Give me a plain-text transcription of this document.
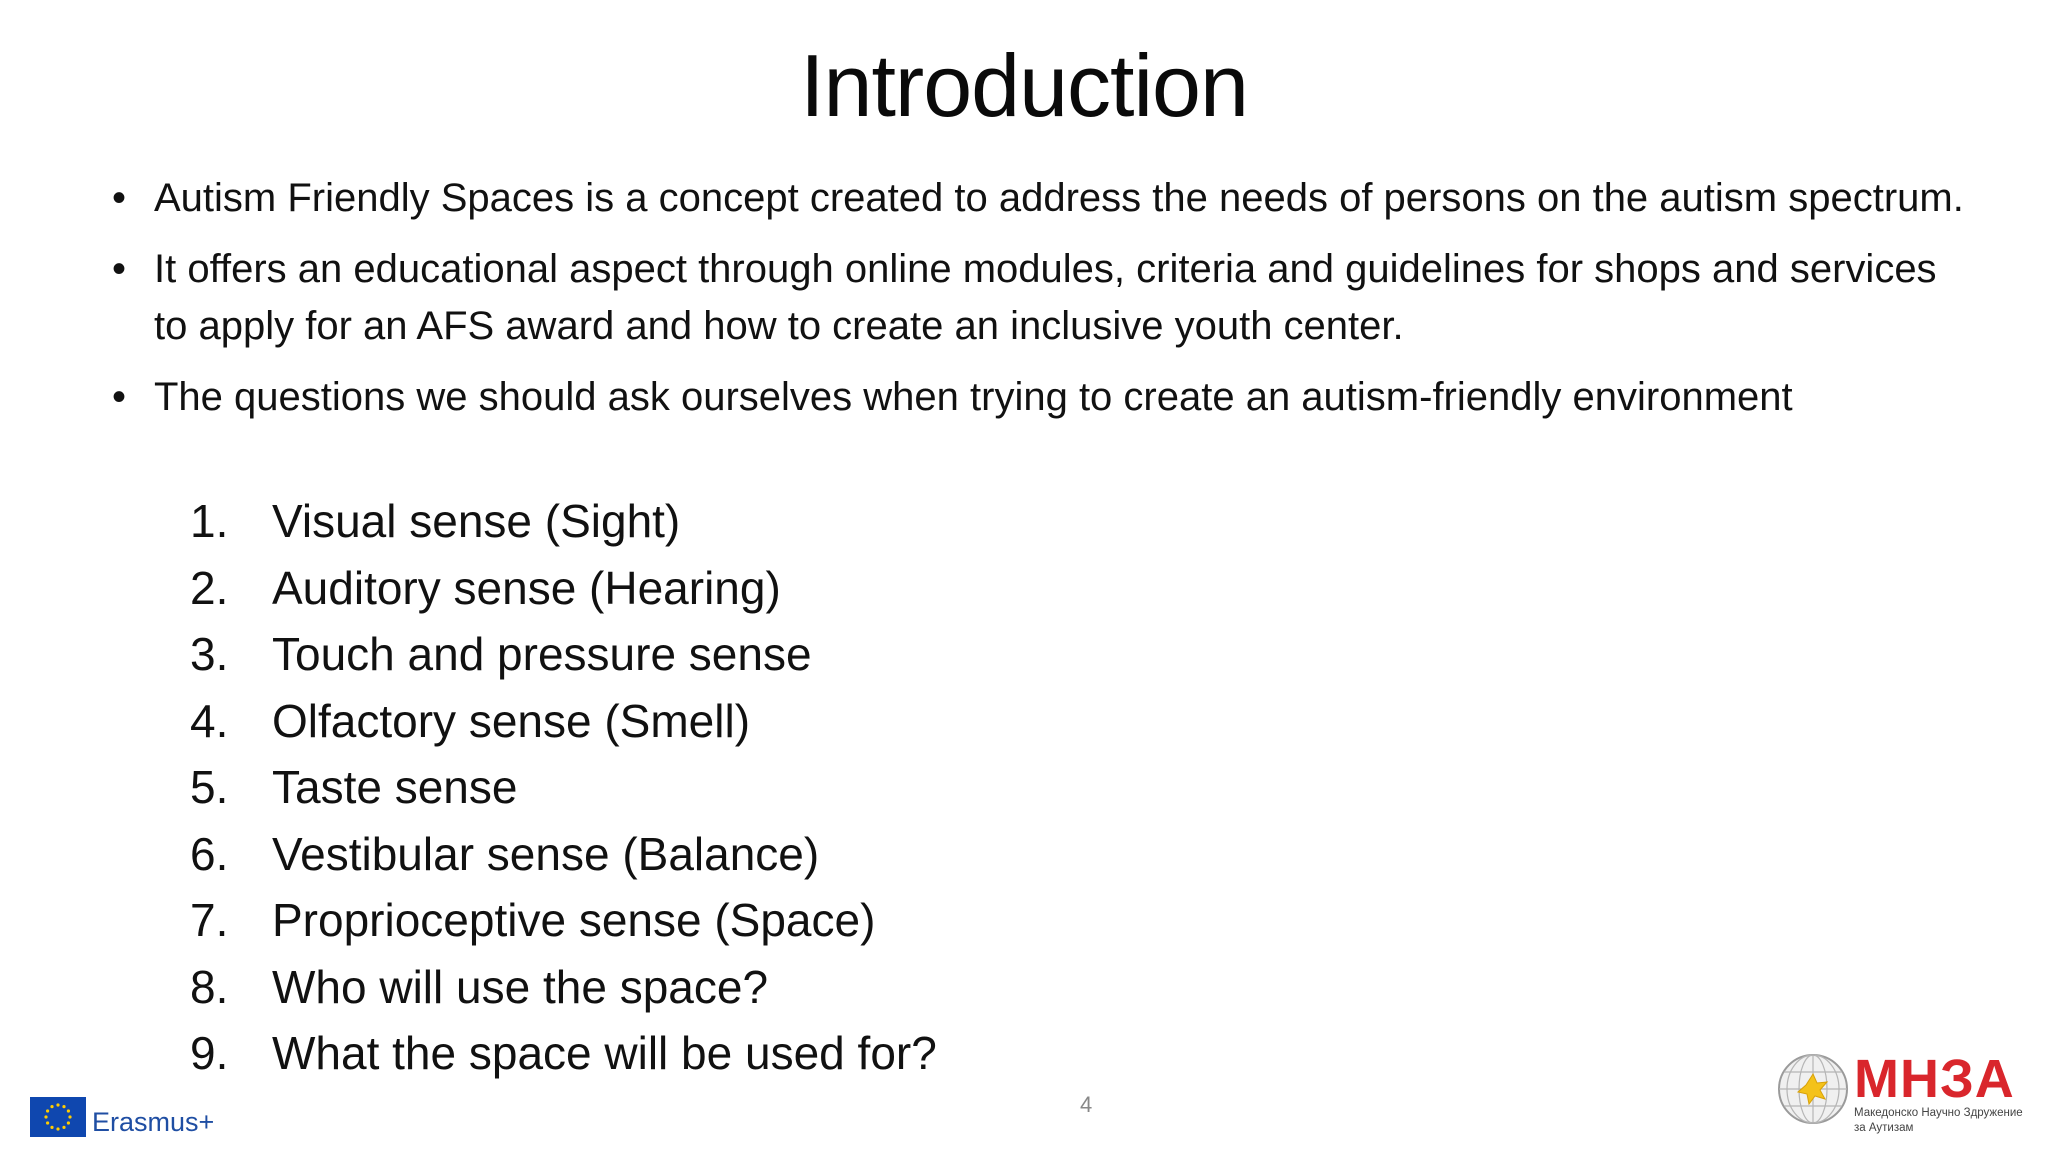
Introduction
• Autism Friendly Spaces is a concept created to address the needs of persons on the autism spectrum.
• It offers an educational aspect through online modules, criteria and guidelines for shops and services to apply for an AFS award and how to create an inclusive youth center.
• The questions we should ask ourselves when trying to create an autism-friendly environment
1. Visual sense (Sight)
2. Auditory sense (Hearing)
3. Touch and pressure sense
4. Olfactory sense (Smell)
5. Taste sense
6. Vestibular sense (Balance)
7. Proprioceptive sense (Space)
8. Who will use the space?
9. What the space will be used for?
4
Erasmus+
МНЗА
Македонско Научно Здружение
за Аутизам
